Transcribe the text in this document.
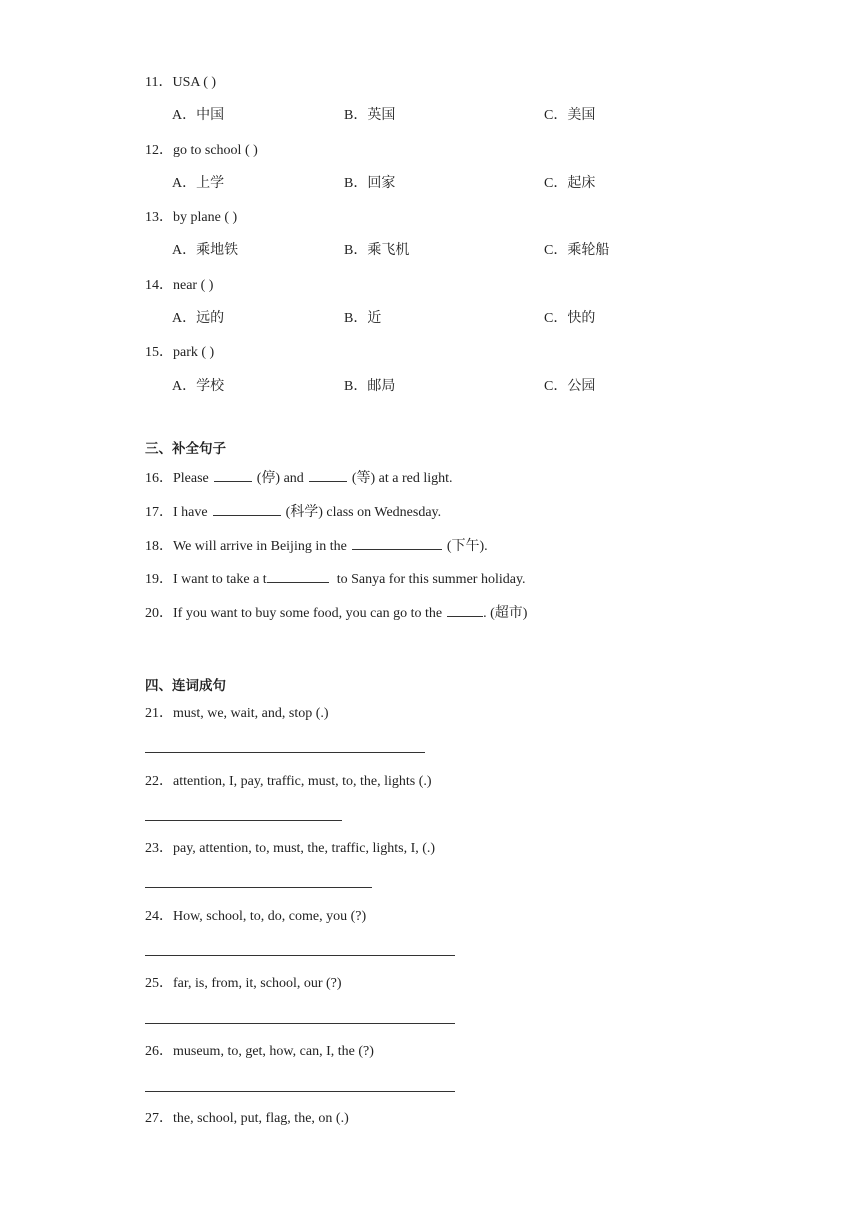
11．USA ( )
A．中国	B．英国	C．美国
12．go to school ( )
A．上学	B．回家	C．起床
13．by plane ( )
A．乘地铁	B．乘飞机	C．乘轮船
14．near ( )
A．远的	B．近	C．快的
15．park ( )
A．学校	B．邮局	C．公园
三、补全句子
16．Please	(停) and	(等) at a red light.
17．I have	(科学) class on Wednesday.
18．We will arrive in Beijing in the	(下午).
19．I want to take a t	to Sanya for this summer holiday.
20．If you want to buy some food, you can go to the	. (超市)
四、连词成句
21．must, we, wait, and, stop (.)
22．attention, I, pay, traffic, must, to, the, lights (.)
23．pay, attention, to, must, the, traffic, lights, I, (.)
24．How, school, to, do, come, you (?)
25．far, is, from, it, school, our (?)
26．museum, to, get, how, can, I, the (?)
27．the, school, put, flag, the, on (.)
